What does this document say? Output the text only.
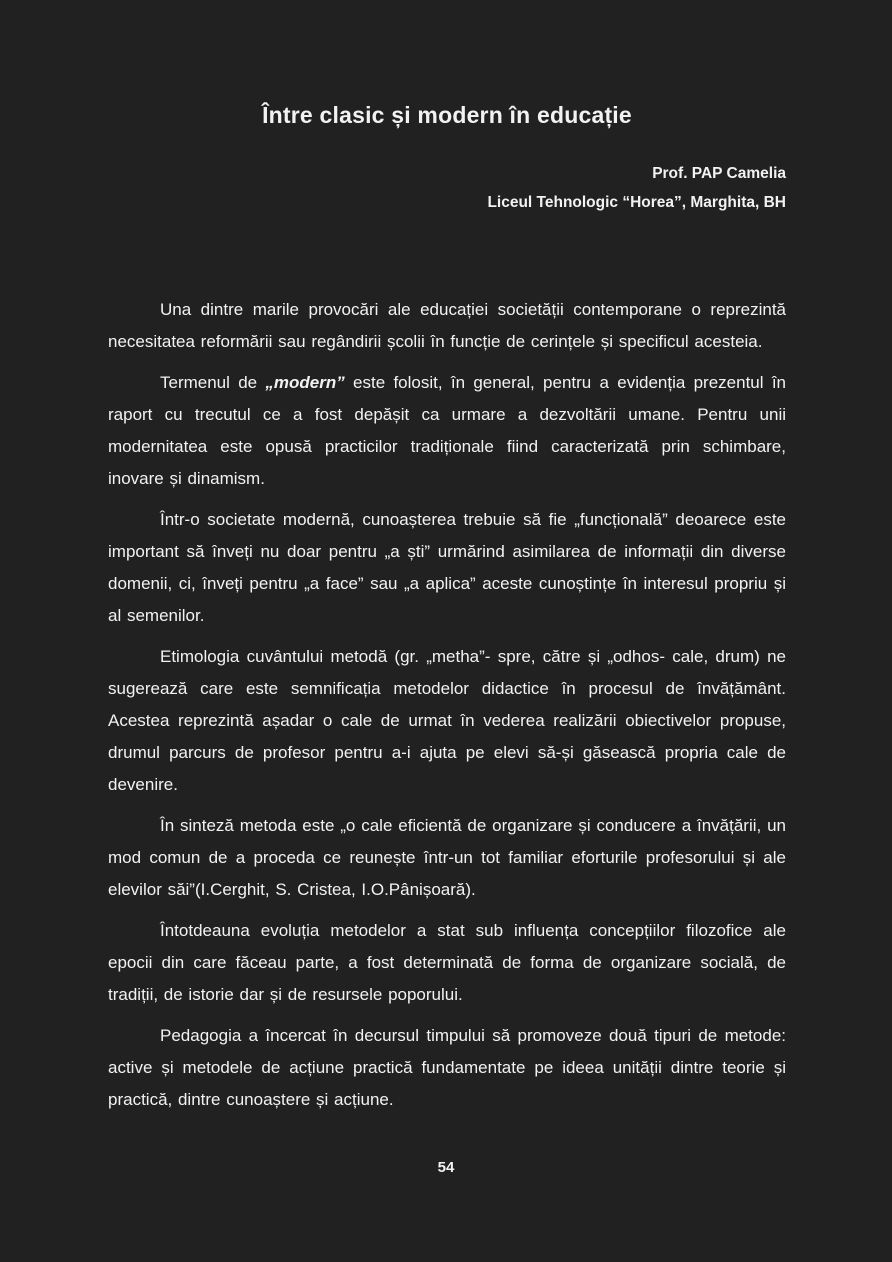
Între clasic și modern în educație
Prof. PAP Camelia
Liceul Tehnologic “Horea”, Marghita, BH

Una dintre marile provocări ale educației societății contemporane o reprezintă necesitatea reformării sau regândirii școlii în funcție de cerințele și specificul acesteia.

Termenul de „modern” este folosit, în general, pentru a evidenția prezentul în raport cu trecutul ce a fost depășit ca urmare a dezvoltării umane. Pentru unii modernitatea este opusă practicilor tradiționale fiind caracterizată prin schimbare, inovare și dinamism.

Într-o societate modernă, cunoașterea trebuie să fie „funcțională” deoarece este important să înveți nu doar pentru „a ști” urmărind asimilarea de informații din diverse domenii, ci, înveți pentru „a face” sau „a aplica” aceste cunoștințe în interesul propriu și al semenilor.

Etimologia cuvântului metodă (gr. „metha”- spre, către și „odhos- cale, drum) ne sugerează care este semnificația metodelor didactice în procesul de învățământ. Acestea reprezintă așadar o cale de urmat în vederea realizării obiectivelor propuse, drumul parcurs de profesor pentru a-i ajuta pe elevi să-și găsească propria cale de devenire.

În sinteză metoda este „o cale eficientă de organizare și conducere a învățării, un mod comun de a proceda ce reunește într-un tot familiar eforturile profesorului și ale elevilor săi”(I.Cerghit, S. Cristea, I.O.Pânișoară).

Întotdeauna evoluția metodelor a stat sub influența concepțiilor filozofice ale epocii din care făceau parte, a fost determinată de forma de organizare socială, de tradiții, de istorie dar și de resursele poporului.

Pedagogia a încercat în decursul timpului să promoveze două tipuri de metode: active și metodele de acțiune practică fundamentate pe ideea unității dintre teorie și practică, dintre cunoaștere și acțiune.

54
